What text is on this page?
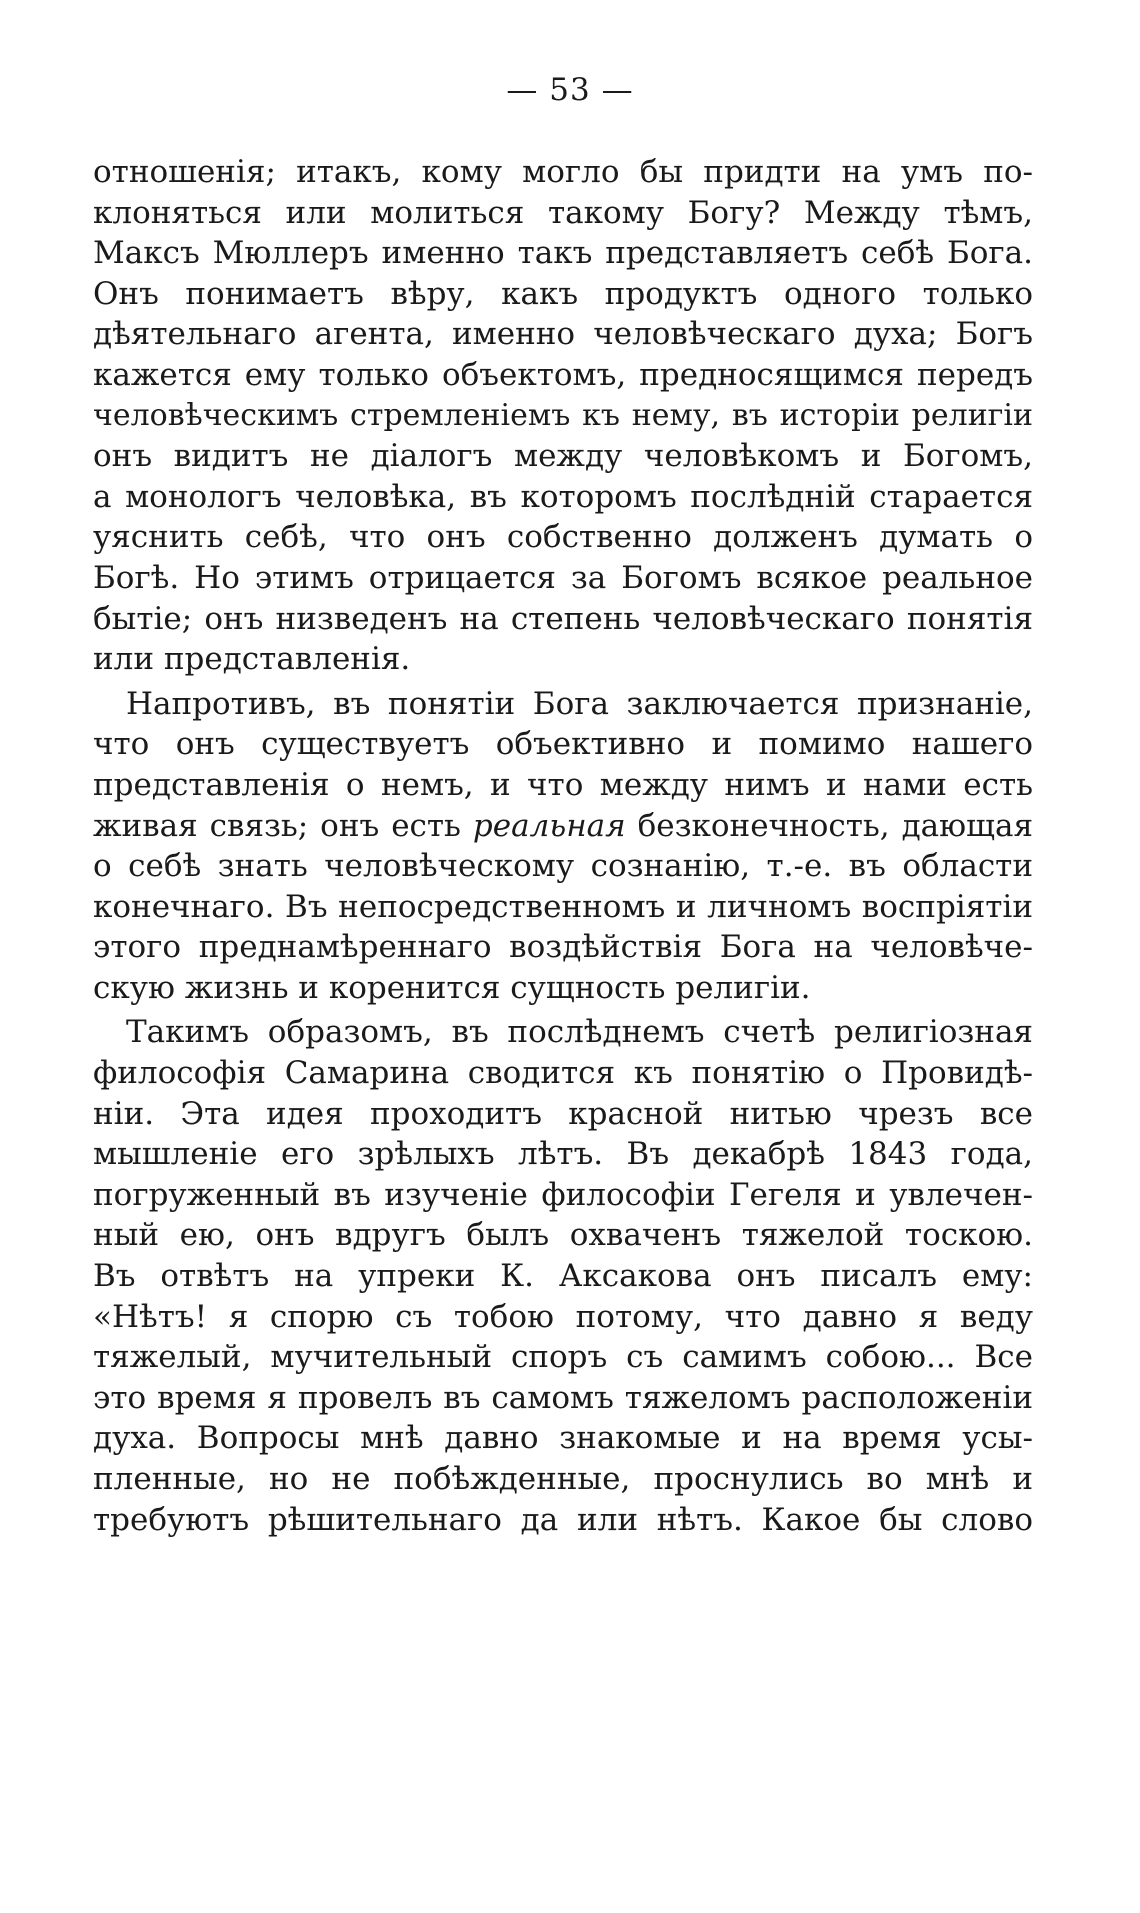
— 53 —
отношенія; итакъ, кому могло бы придти на умъ по-
клоняться или молиться такому Богу? Между тѣмъ,
Максъ Мюллеръ именно такъ представляетъ себѣ Бога.
Онъ понимаетъ вѣру, какъ продуктъ одного только
дѣятельнаго агента, именно человѣческаго духа; Богъ
кажется ему только объектомъ, предносящимся передъ
человѣческимъ стремленіемъ къ нему, въ исторіи религіи
онъ видитъ не діалогъ между человѣкомъ и Богомъ,
а монологъ человѣка, въ которомъ послѣдній старается
уяснить себѣ, что онъ собственно долженъ думать о
Богѣ. Но этимъ отрицается за Богомъ всякое реальное
бытіе; онъ низведенъ на степень человѣческаго понятія
или представленія.
Напротивъ, въ понятіи Бога заключается признаніе,
что онъ существуетъ объективно и помимо нашего
представленія о немъ, и что между нимъ и нами есть
живая связь; онъ есть реальная безконечность, дающая
о себѣ знать человѣческому сознанію, т.-е. въ области
конечнаго. Въ непосредственномъ и личномъ воспріятіи
этого преднамѣреннаго воздѣйствія Бога на человѣче-
скую жизнь и коренится сущность религіи.
Такимъ образомъ, въ послѣднемъ счетѣ религіозная
философія Самарина сводится къ понятію о Провидѣ-
ніи. Эта идея проходитъ красной нитью чрезъ все
мышленіе его зрѣлыхъ лѣтъ. Въ декабрѣ 1843 года,
погруженный въ изученіе философіи Гегеля и увлечен-
ный ею, онъ вдругъ былъ охваченъ тяжелой тоскою.
Въ отвѣтъ на упреки К. Аксакова онъ писалъ ему:
«Нѣтъ! я спорю съ тобою потому, что давно я веду
тяжелый, мучительный споръ съ самимъ собою... Все
это время я провелъ въ самомъ тяжеломъ расположеніи
духа. Вопросы мнѣ давно знакомые и на время усы-
пленные, но не побѣжденные, проснулись во мнѣ и
требуютъ рѣшительнаго да или нѣтъ. Какое бы слово
